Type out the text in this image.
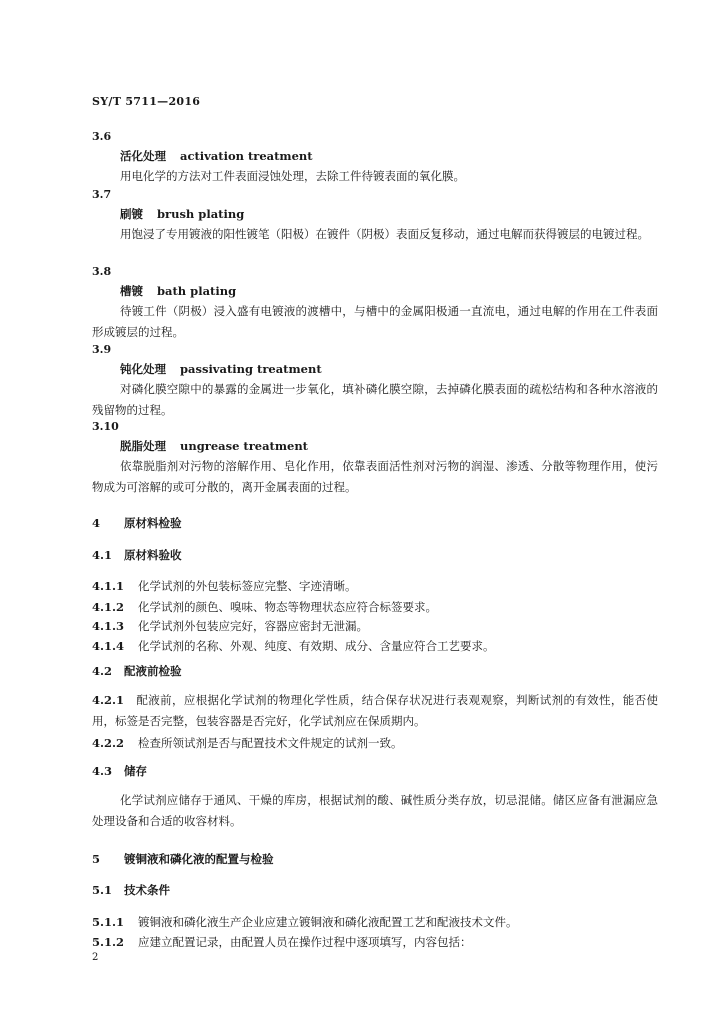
SY/T 5711—2016
3.6
活化处理 activation treatment
用电化学的方法对工件表面浸蚀处理，去除工件待镀表面的氧化膜。
3.7
刷镀 brush plating
用饱浸了专用镀液的阳性镀笔（阳极）在镀件（阴极）表面反复移动，通过电解而获得镀层的电镀过程。
3.8
槽镀 bath plating
待镀工件（阴极）浸入盛有电镀液的渡槽中，与槽中的金属阳极通一直流电，通过电解的作用在工件表面形成镀层的过程。
3.9
钝化处理 passivating treatment
对磷化膜空隙中的暴露的金属进一步氧化，填补磷化膜空隙，去掉磷化膜表面的疏松结构和各种水溶液的残留物的过程。
3.10
脱脂处理 ungrease treatment
依靠脱脂剂对污物的溶解作用、皂化作用，依靠表面活性剂对污物的润湿、渗透、分散等物理作用，使污物成为可溶解的或可分散的，离开金属表面的过程。
4 原材料检验
4.1 原材料验收
4.1.1 化学试剂的外包装标签应完整、字迹清晰。
4.1.2 化学试剂的颜色、嗅味、物态等物理状态应符合标签要求。
4.1.3 化学试剂外包装应完好，容器应密封无泄漏。
4.1.4 化学试剂的名称、外观、纯度、有效期、成分、含量应符合工艺要求。
4.2 配液前检验
4.2.1 配液前，应根据化学试剂的物理化学性质，结合保存状况进行表观观察，判断试剂的有效性，能否使用，标签是否完整，包装容器是否完好，化学试剂应在保质期内。
4.2.2 检查所领试剂是否与配置技术文件规定的试剂一致。
4.3 储存
化学试剂应储存于通风、干燥的库房，根据试剂的酸、碱性质分类存放，切忌混储。储区应备有泄漏应急处理设备和合适的收容材料。
5 镀铜液和磷化液的配置与检验
5.1 技术条件
5.1.1 镀铜液和磷化液生产企业应建立镀铜液和磷化液配置工艺和配液技术文件。
5.1.2 应建立配置记录，由配置人员在操作过程中逐项填写，内容包括：
2
